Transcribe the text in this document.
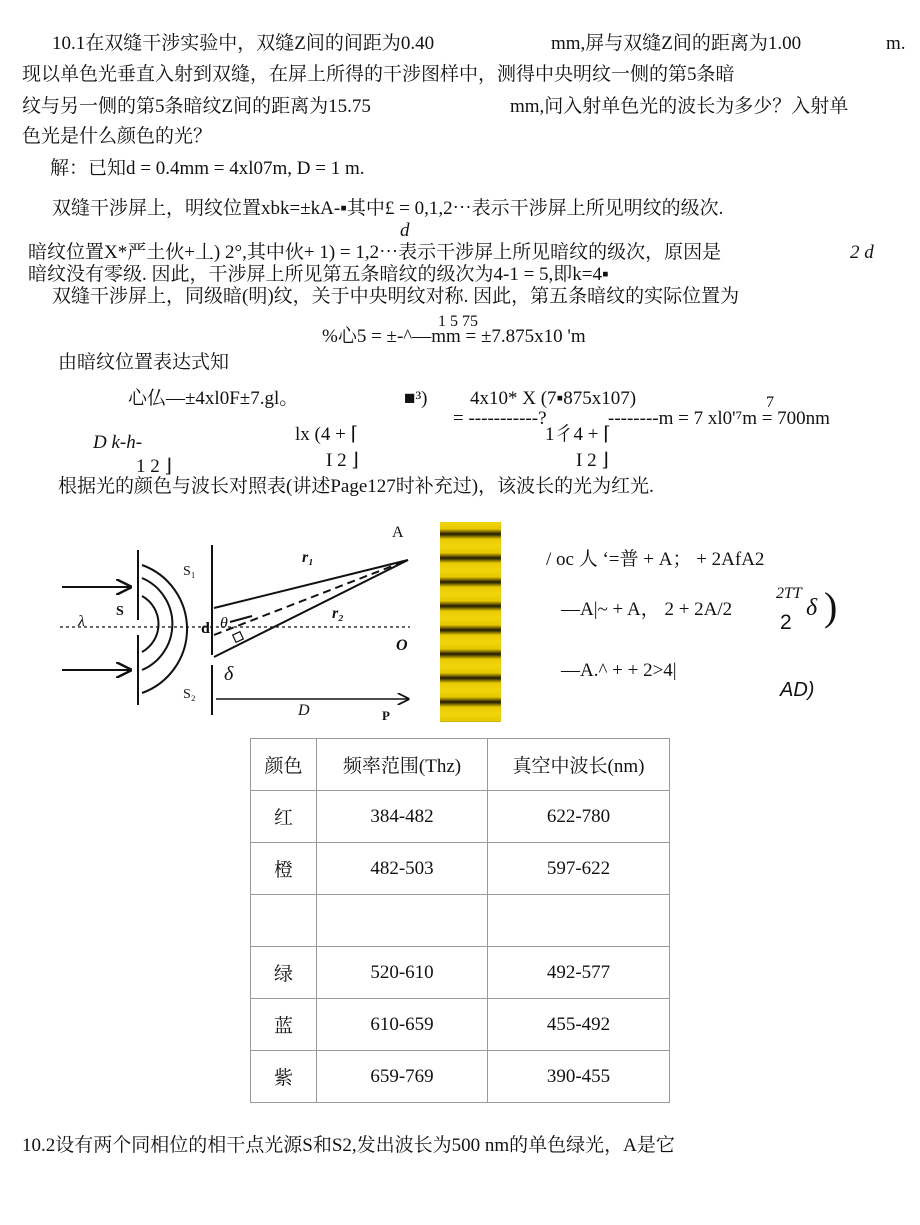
10.1在双缝干涉实验中，双缝Z间的间距为0.40	mm,屏与双缝Z间的距离为1.00	m.
现以单色光垂直入射到双缝，在屏上所得的干涉图样中，测得中央明纹一侧的第5条暗
纹与另一侧的第5条暗纹Z间的距离为15.75	mm,问入射单色光的波长为多少？入射单
色光是什么颜色的光？
解：已知d = 0.4mm = 4xl07m, D = 1 m.
双缝干涉屏上，明纹位置xbk=±kA-▪其中£ = 0,1,2⋯表示干涉屏上所见明纹的级次.
d
暗纹位置X*严土伙+丄) 2°,其中伙+ 1) = 1,2⋯表示干涉屏上所见暗纹的级次，原因是	2 d
暗纹没有零级. 因此，干涉屏上所见第五条暗纹的级次为4-1 = 5,即k=4▪
双缝干涉屏上，同级暗(明)纹，关于中央明纹对称. 因此，第五条暗纹的实际位置为
1 5 75
%心5 = ±-^—mm = ±7.875x10 'm
由暗纹位置表达式知
心仏—±4xl0F±7.gl。	■³) 4x10* X (7▪875x107)
= -----------?	--------m = 7 xl0'⁷m = 700nm
7
D k-h-	lx (4 + ⌈	1彳4 + ⌈
1 2 ⌋	I 2 ⌋	I 2 ⌋
根据光的颜色与波长对照表(讲述Page127时补充过)，该波长的光为红光.
A
S₁
S₂
S
d
r₁
r₂
θ
δ
D	P
O
λ
/ oc 人 ‘=普 + A； + 2AfA2
—A|~ + A， 2 + 2A/2
2TT
δ
2 )
—A.^ + + 2>4|
AD)
颜色	频率范围(Thz)	真空中波长(nm)
红	384-482	622-780
橙	482-503	597-622

绿	520-610	492-577
蓝	610-659	455-492
紫	659-769	390-455
10.2设有两个同相位的相干点光源S和S2,发出波长为500 nm的单色绿光，A是它
